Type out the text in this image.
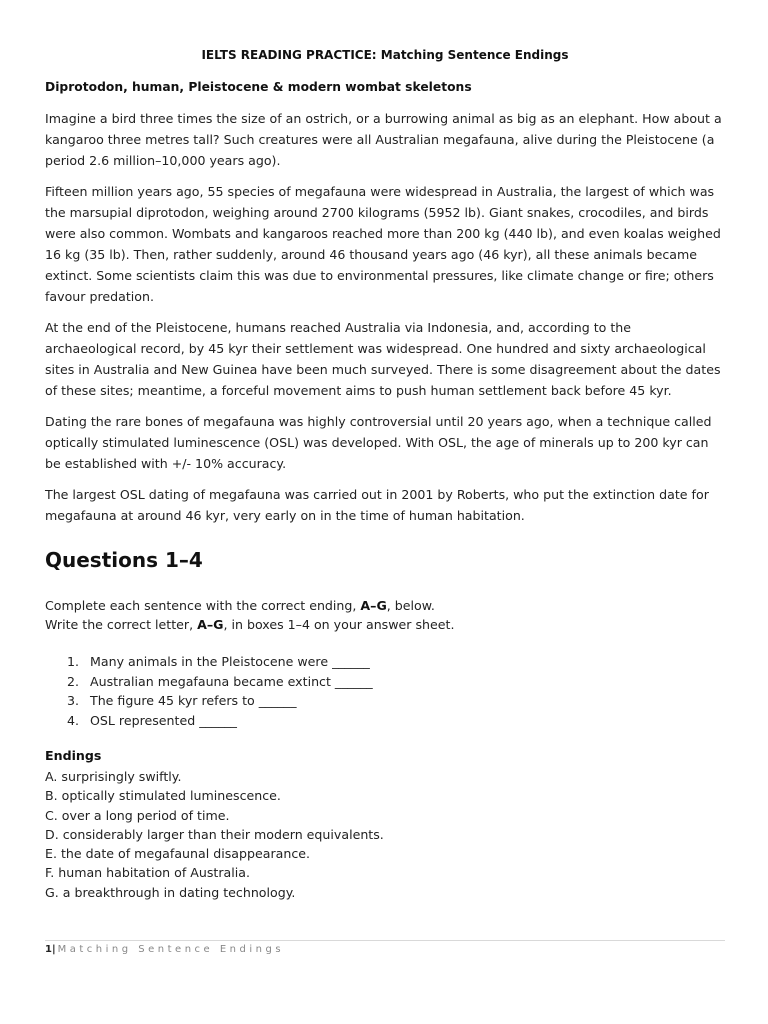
IELTS READING PRACTICE: Matching Sentence Endings
Diprotodon, human, Pleistocene & modern wombat skeletons

Imagine a bird three times the size of an ostrich, or a burrowing animal as big as an elephant. How about a kangaroo three metres tall? Such creatures were all Australian megafauna, alive during the Pleistocene (a period 2.6 million–10,000 years ago).

Fifteen million years ago, 55 species of megafauna were widespread in Australia, the largest of which was the marsupial diprotodon, weighing around 2700 kilograms (5952 lb). Giant snakes, crocodiles, and birds were also common. Wombats and kangaroos reached more than 200 kg (440 lb), and even koalas weighed 16 kg (35 lb). Then, rather suddenly, around 46 thousand years ago (46 kyr), all these animals became extinct. Some scientists claim this was due to environmental pressures, like climate change or fire; others favour predation.

At the end of the Pleistocene, humans reached Australia via Indonesia, and, according to the archaeological record, by 45 kyr their settlement was widespread. One hundred and sixty archaeological sites in Australia and New Guinea have been much surveyed. There is some disagreement about the dates of these sites; meantime, a forceful movement aims to push human settlement back before 45 kyr.

Dating the rare bones of megafauna was highly controversial until 20 years ago, when a technique called optically stimulated luminescence (OSL) was developed. With OSL, the age of minerals up to 200 kyr can be established with +/- 10% accuracy.

The largest OSL dating of megafauna was carried out in 2001 by Roberts, who put the extinction date for megafauna at around 46 kyr, very early on in the time of human habitation.

Questions 1–4
Complete each sentence with the correct ending, A–G, below.
Write the correct letter, A–G, in boxes 1–4 on your answer sheet.
1. Many animals in the Pleistocene were ______
2. Australian megafauna became extinct ______
3. The figure 45 kyr refers to ______
4. OSL represented ______
Endings
A. surprisingly swiftly.
B. optically stimulated luminescence.
C. over a long period of time.
D. considerably larger than their modern equivalents.
E. the date of megafaunal disappearance.
F. human habitation of Australia.
G. a breakthrough in dating technology.
1| Matching Sentence Endings
